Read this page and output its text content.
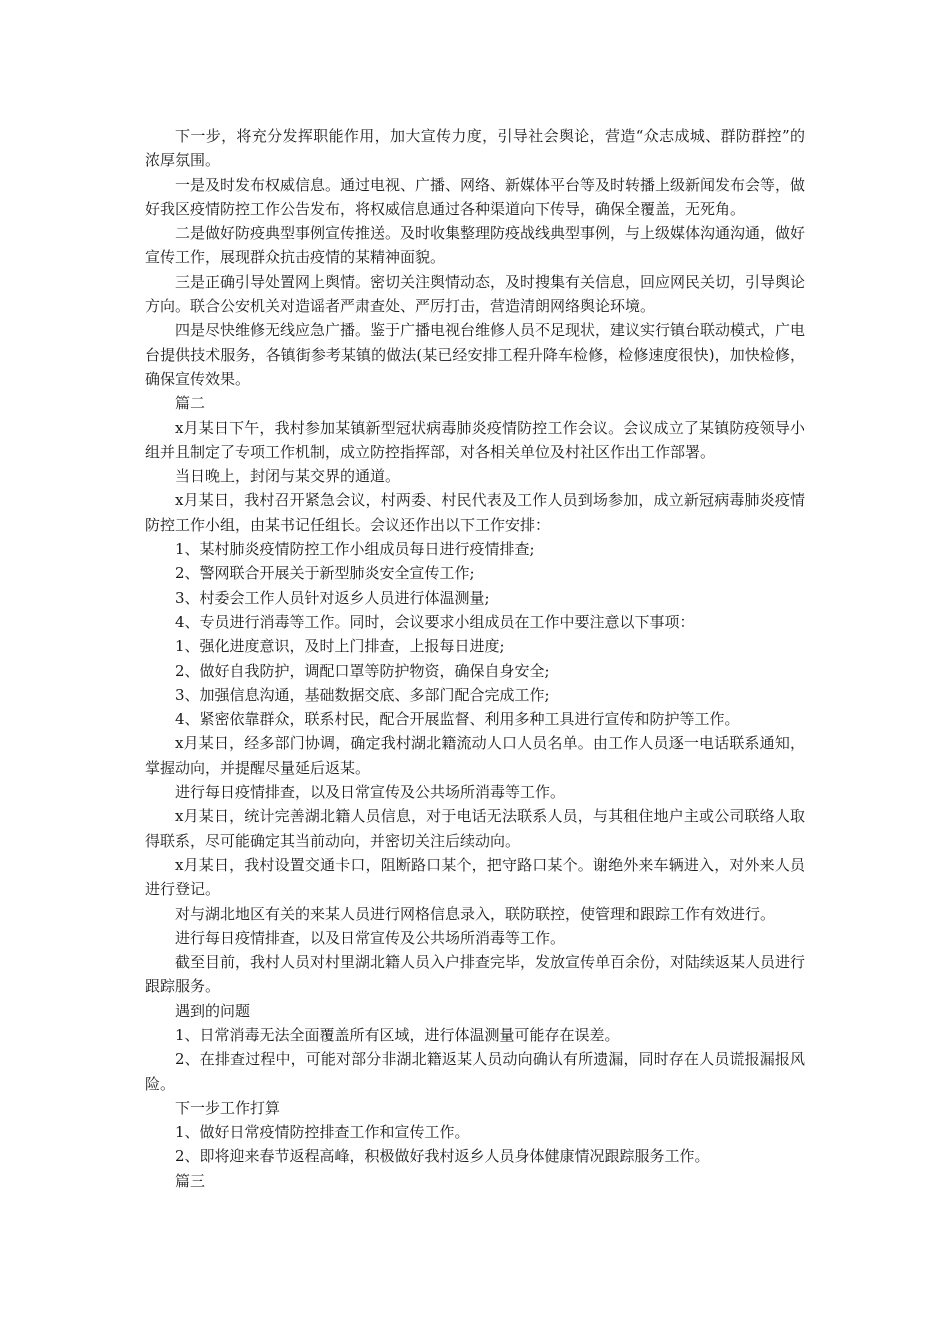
下一步，将充分发挥职能作用，加大宣传力度，引导社会舆论，营造“众志成城、群防群控”的浓厚氛围。

一是及时发布权威信息。通过电视、广播、网络、新媒体平台等及时转播上级新闻发布会等，做好我区疫情防控工作公告发布，将权威信息通过各种渠道向下传导，确保全覆盖，无死角。

二是做好防疫典型事例宣传推送。及时收集整理防疫战线典型事例，与上级媒体沟通沟通，做好宣传工作，展现群众抗击疫情的某精神面貌。

三是正确引导处置网上舆情。密切关注舆情动态，及时搜集有关信息，回应网民关切，引导舆论方向。联合公安机关对造谣者严肃查处、严厉打击，营造清朗网络舆论环境。

四是尽快维修无线应急广播。鉴于广播电视台维修人员不足现状，建议实行镇台联动模式，广电台提供技术服务，各镇街参考某镇的做法(某已经安排工程升降车检修，检修速度很快)，加快检修，确保宣传效果。

篇二

x月某日下午，我村参加某镇新型冠状病毒肺炎疫情防控工作会议。会议成立了某镇防疫领导小组并且制定了专项工作机制，成立防控指挥部，对各相关单位及村社区作出工作部署。

当日晚上，封闭与某交界的通道。

x月某日，我村召开紧急会议，村两委、村民代表及工作人员到场参加，成立新冠病毒肺炎疫情防控工作小组，由某书记任组长。会议还作出以下工作安排：

1、某村肺炎疫情防控工作小组成员每日进行疫情排查;

2、警网联合开展关于新型肺炎安全宣传工作;

3、村委会工作人员针对返乡人员进行体温测量;

4、专员进行消毒等工作。同时，会议要求小组成员在工作中要注意以下事项：

1、强化进度意识，及时上门排查，上报每日进度;

2、做好自我防护，调配口罩等防护物资，确保自身安全;

3、加强信息沟通，基础数据交底、多部门配合完成工作;

4、紧密依靠群众，联系村民，配合开展监督、利用多种工具进行宣传和防护等工作。

x月某日，经多部门协调，确定我村湖北籍流动人口人员名单。由工作人员逐一电话联系通知，掌握动向，并提醒尽量延后返某。

进行每日疫情排查，以及日常宣传及公共场所消毒等工作。

x月某日，统计完善湖北籍人员信息，对于电话无法联系人员，与其租住地户主或公司联络人取得联系，尽可能确定其当前动向，并密切关注后续动向。

x月某日，我村设置交通卡口，阻断路口某个，把守路口某个。谢绝外来车辆进入，对外来人员进行登记。

对与湖北地区有关的来某人员进行网格信息录入，联防联控，使管理和跟踪工作有效进行。

进行每日疫情排查，以及日常宣传及公共场所消毒等工作。

截至目前，我村人员对村里湖北籍人员入户排查完毕，发放宣传单百余份，对陆续返某人员进行跟踪服务。

遇到的问题

1、日常消毒无法全面覆盖所有区域，进行体温测量可能存在误差。

2、在排查过程中，可能对部分非湖北籍返某人员动向确认有所遗漏，同时存在人员谎报漏报风险。

下一步工作打算

1、做好日常疫情防控排查工作和宣传工作。

2、即将迎来春节返程高峰，积极做好我村返乡人员身体健康情况跟踪服务工作。

篇三
